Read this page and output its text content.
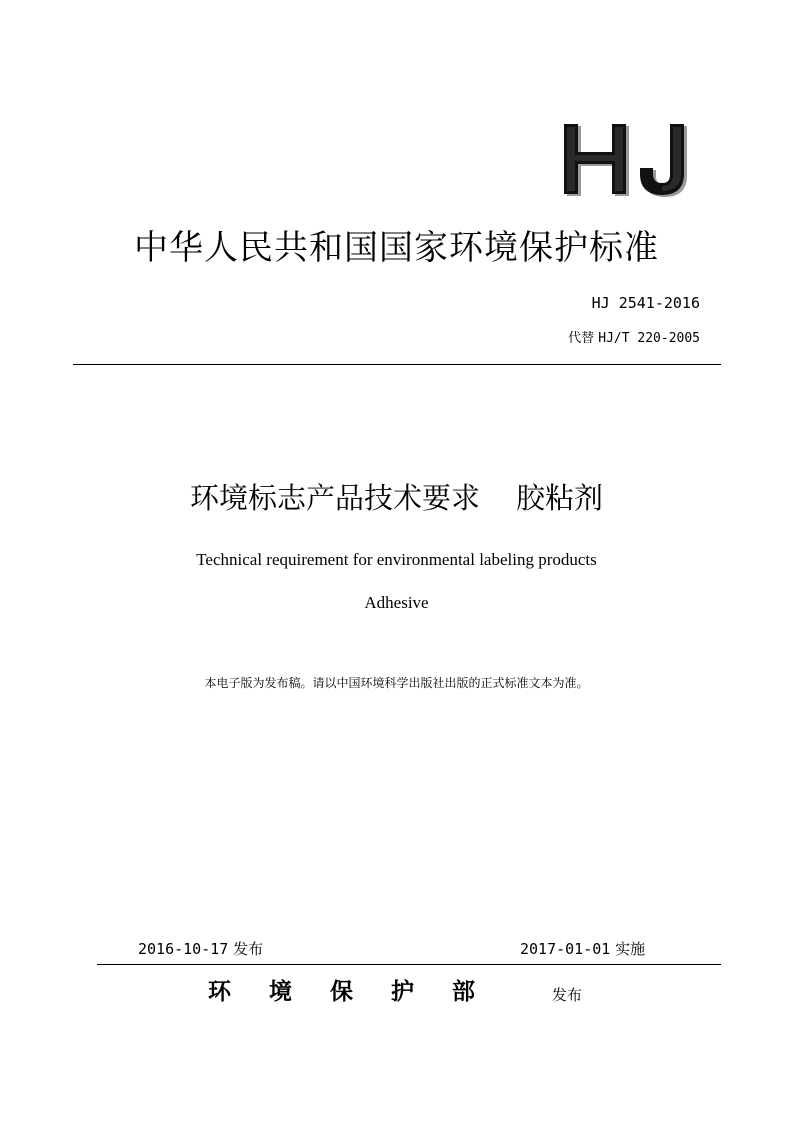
中华人民共和国国家环境保护标准
HJ 2541-2016
代替 HJ/T 220-2005
环境标志产品技术要求 胶粘剂
Technical requirement for environmental labeling products
Adhesive
本电子版为发布稿。请以中国环境科学出版社出版的正式标准文本为准。
2016-10-17 发布	2017-01-01 实施
环境保护部	发布
